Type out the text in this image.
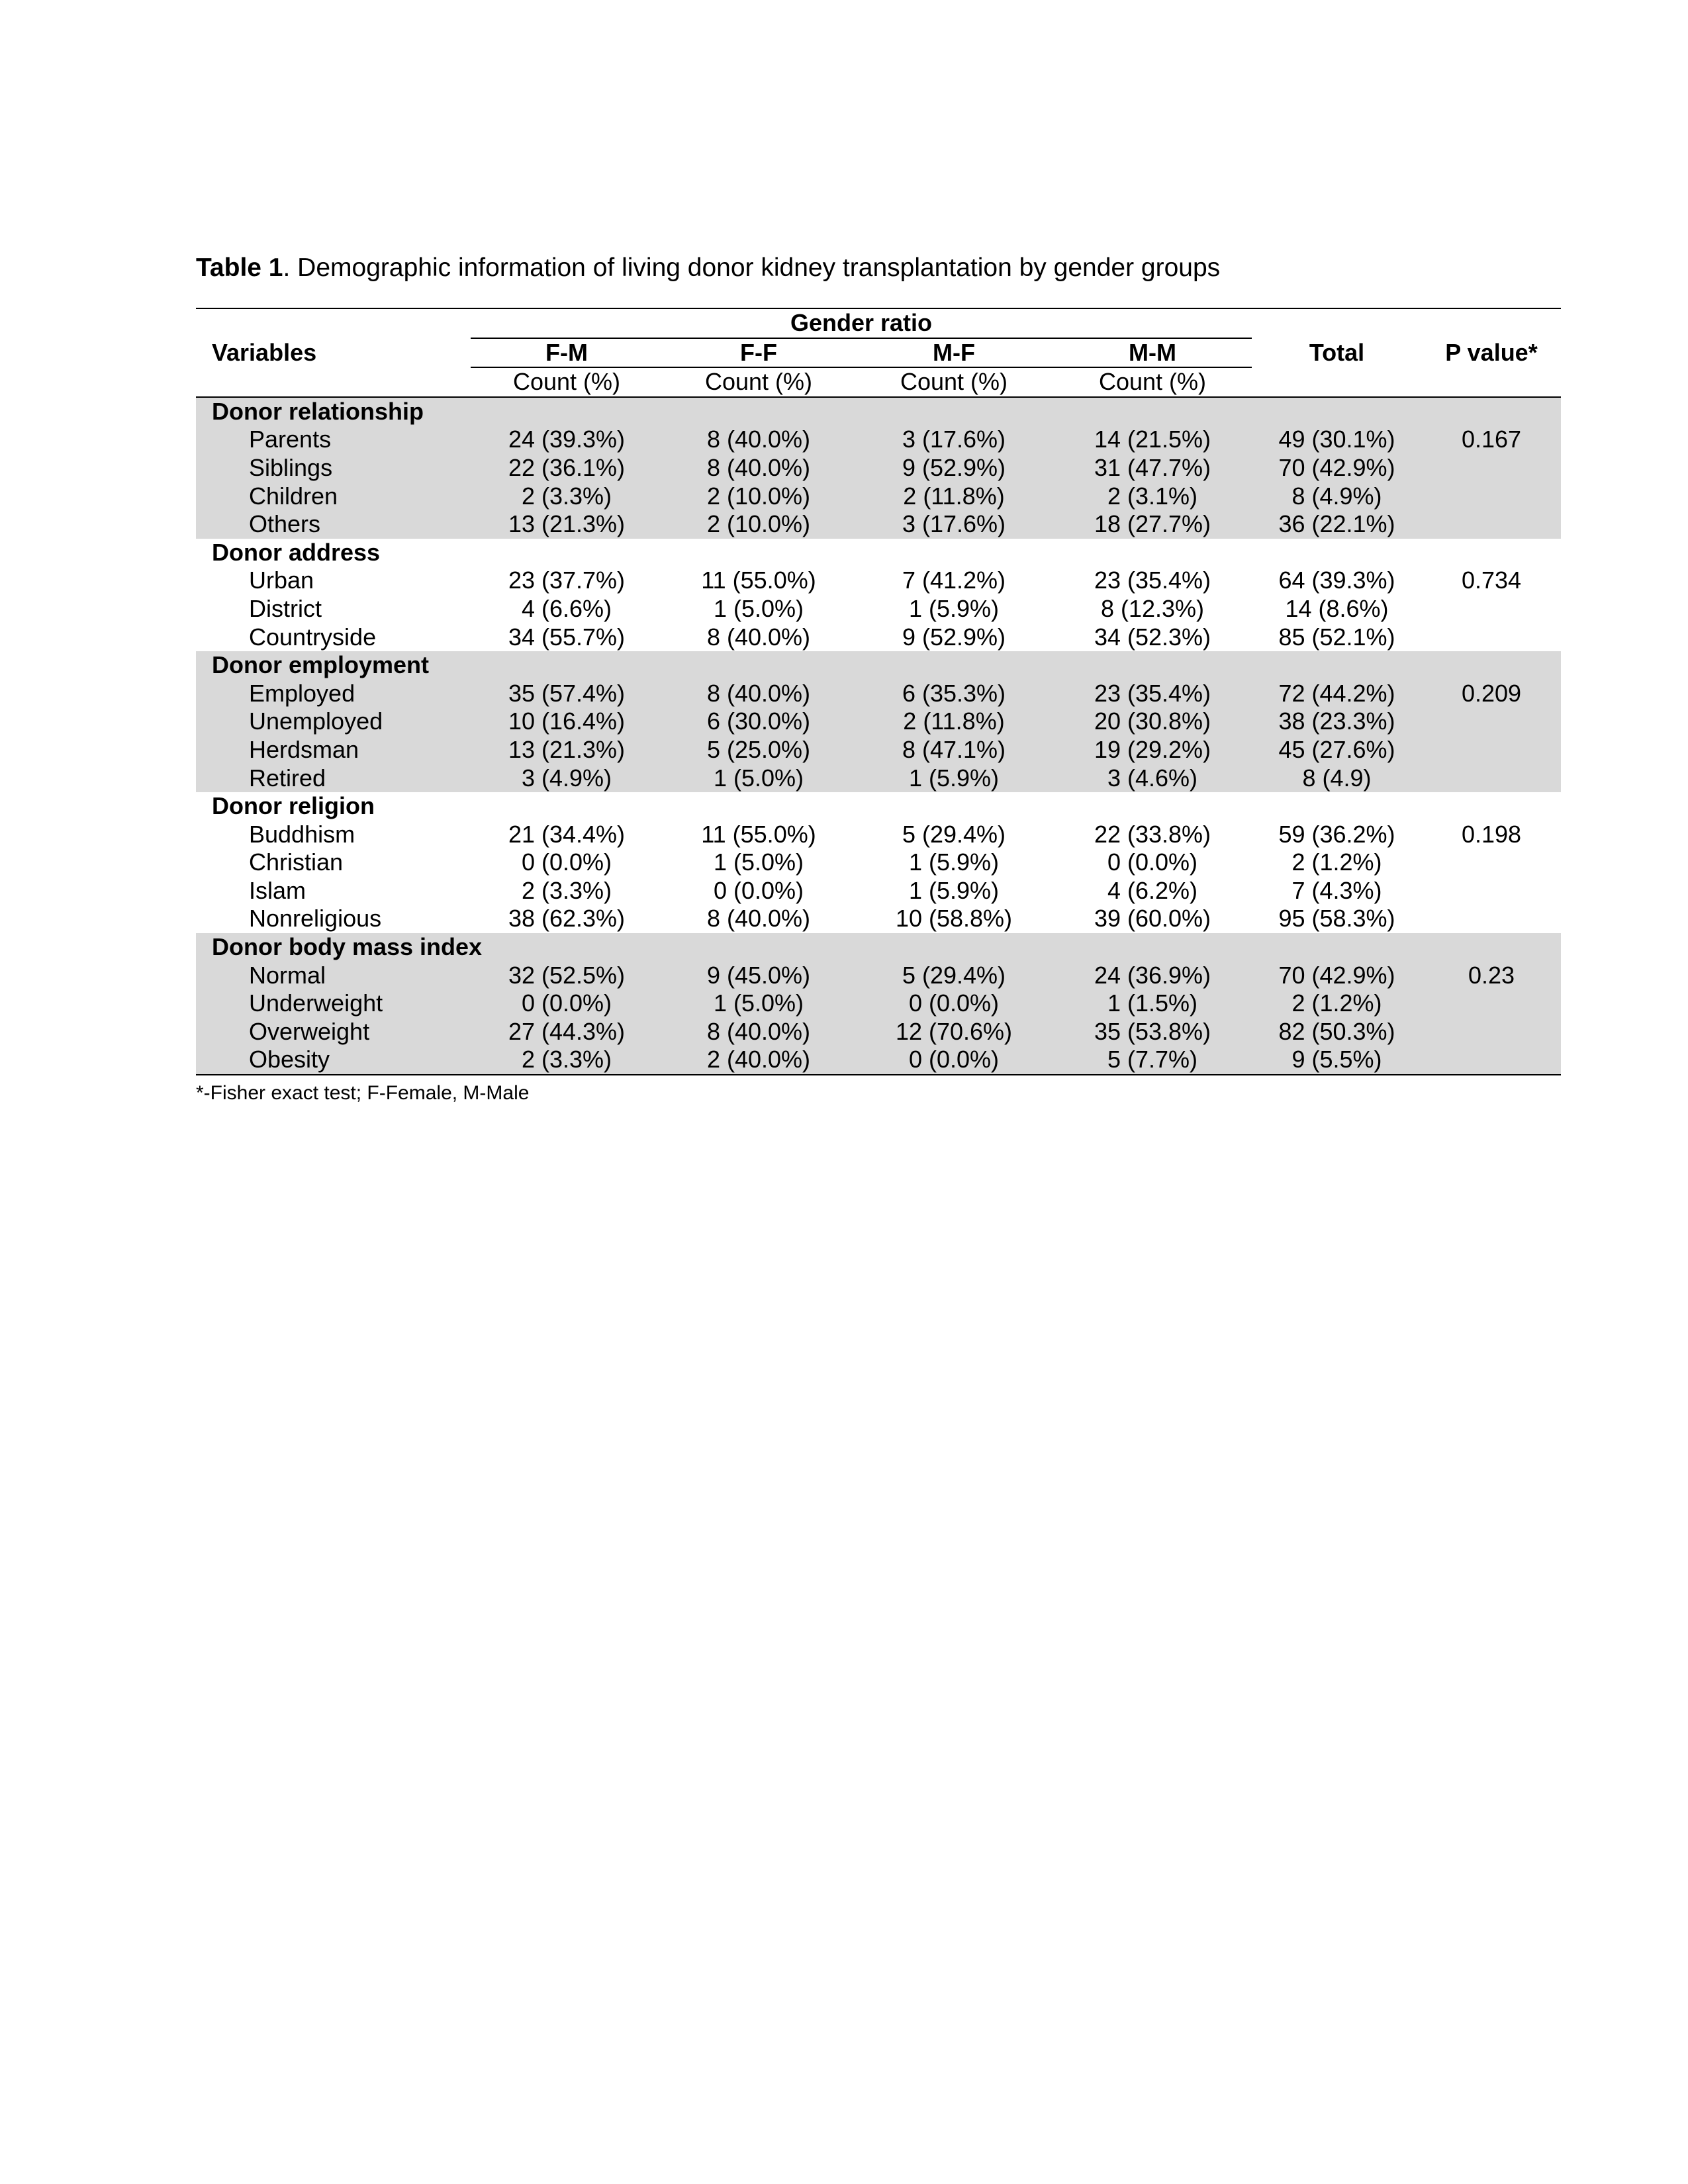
Table 1. Demographic information of living donor kidney transplantation by gender groups
	Gender ratio					
Variables	F-M	F-F	M-F	M-M	Total	P value*
	Count (%)	Count (%)	Count (%)	Count (%)		
Donor relationship						
Parents	24 (39.3%)	8 (40.0%)	3 (17.6%)	14 (21.5%)	49 (30.1%)	0.167
Siblings	22 (36.1%)	8 (40.0%)	9 (52.9%)	31 (47.7%)	70 (42.9%)	
Children	2 (3.3%)	2 (10.0%)	2 (11.8%)	2 (3.1%)	8 (4.9%)	
Others	13 (21.3%)	2 (10.0%)	3 (17.6%)	18 (27.7%)	36 (22.1%)	
Donor address						
Urban	23 (37.7%)	11 (55.0%)	7 (41.2%)	23 (35.4%)	64 (39.3%)	0.734
District	4 (6.6%)	1 (5.0%)	1 (5.9%)	8 (12.3%)	14 (8.6%)	
Countryside	34 (55.7%)	8 (40.0%)	9 (52.9%)	34 (52.3%)	85 (52.1%)	
Donor employment						
Employed	35 (57.4%)	8 (40.0%)	6 (35.3%)	23 (35.4%)	72 (44.2%)	0.209
Unemployed	10 (16.4%)	6 (30.0%)	2 (11.8%)	20 (30.8%)	38 (23.3%)	
Herdsman	13 (21.3%)	5 (25.0%)	8 (47.1%)	19 (29.2%)	45 (27.6%)	
Retired	3 (4.9%)	1 (5.0%)	1 (5.9%)	3 (4.6%)	8 (4.9)	
Donor religion						
Buddhism	21 (34.4%)	11 (55.0%)	5 (29.4%)	22 (33.8%)	59 (36.2%)	0.198
Christian	0 (0.0%)	1 (5.0%)	1 (5.9%)	0 (0.0%)	2 (1.2%)	
Islam	2 (3.3%)	0 (0.0%)	1 (5.9%)	4 (6.2%)	7 (4.3%)	
Nonreligious	38 (62.3%)	8 (40.0%)	10 (58.8%)	39 (60.0%)	95 (58.3%)	
Donor body mass index						
Normal	32 (52.5%)	9 (45.0%)	5 (29.4%)	24 (36.9%)	70 (42.9%)	0.23
Underweight	0 (0.0%)	1 (5.0%)	0 (0.0%)	1 (1.5%)	2 (1.2%)	
Overweight	27 (44.3%)	8 (40.0%)	12 (70.6%)	35 (53.8%)	82 (50.3%)	
Obesity	2 (3.3%)	2 (40.0%)	0 (0.0%)	5 (7.7%)	9 (5.5%)	
*-Fisher exact test; F-Female, M-Male
